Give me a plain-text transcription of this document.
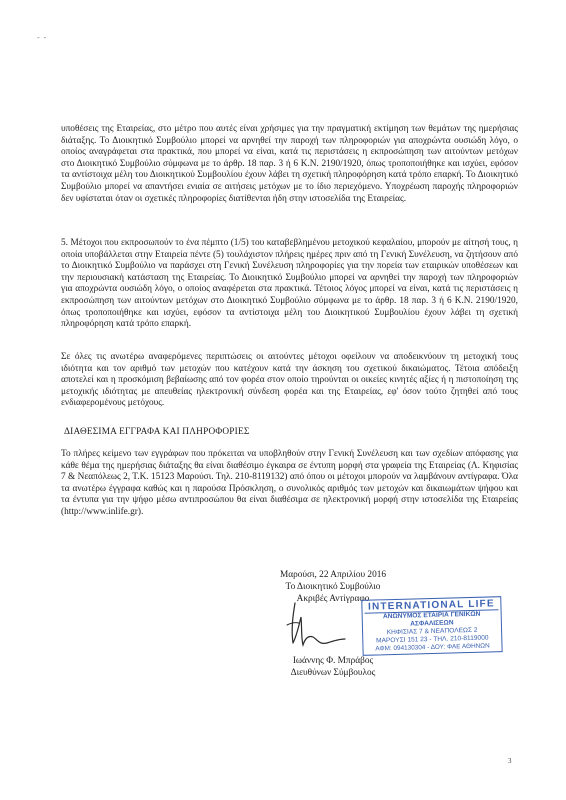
- -

υποθέσεις της Εταιρείας, στο μέτρο που αυτές είναι χρήσιμες για την πραγματική εκτίμηση των θεμάτων της ημερήσιας διάταξης. Το Διοικητικό Συμβούλιο μπορεί να αρνηθεί την παροχή των πληροφοριών για αποχρώντα ουσιώδη λόγο, ο οποίος αναγράφεται στα πρακτικά, που μπορεί να είναι, κατά τις περιστάσεις η εκπροσώπηση των αιτούντων μετόχων στο Διοικητικό Συμβούλιο σύμφωνα με το άρθρ. 18 παρ. 3 ή 6 Κ.Ν. 2190/1920, όπως τροποποιήθηκε και ισχύει, εφόσον τα αντίστοιχα μέλη του Διοικητικού Συμβουλίου έχουν λάβει τη σχετική πληροφόρηση κατά τρόπο επαρκή. Το Διοικητικό Συμβούλιο μπορεί να απαντήσει ενιαία σε αιτήσεις μετόχων με το ίδιο περιεχόμενο. Υποχρέωση παροχής πληροφοριών δεν υφίσταται όταν οι σχετικές πληροφορίες διατίθενται ήδη στην ιστοσελίδα της Εταιρείας.

5. Μέτοχοι που εκπροσωπούν το ένα πέμπτο (1/5) του καταβεβλημένου μετοχικού κεφαλαίου, μπορούν με αίτησή τους, η οποία υποβάλλεται στην Εταιρεία πέντε (5) τουλάχιστον πλήρεις ημέρες πριν από τη Γενική Συνέλευση, να ζητήσουν από το Διοικητικό Συμβούλιο να παράσχει στη Γενική Συνέλευση πληροφορίες για την πορεία των εταιρικών υποθέσεων και την περιουσιακή κατάσταση της Εταιρείας. Το Διοικητικό Συμβούλιο μπορεί να αρνηθεί την παροχή των πληροφοριών για αποχρώντα ουσιώδη λόγο, ο οποίος αναφέρεται στα πρακτικά. Τέτοιος λόγος μπορεί να είναι, κατά τις περιστάσεις η εκπροσώπηση των αιτούντων μετόχων στο Διοικητικό Συμβούλιο σύμφωνα με το άρθρ. 18 παρ. 3 ή 6 Κ.Ν. 2190/1920, όπως τροποποιήθηκε και ισχύει, εφόσον τα αντίστοιχα μέλη του Διοικητικού Συμβουλίου έχουν λάβει τη σχετική πληροφόρηση κατά τρόπο επαρκή.

Σε όλες τις ανωτέρω αναφερόμενες περιπτώσεις οι αιτούντες μέτοχοι οφείλουν να αποδεικνύουν τη μετοχική τους ιδιότητα και τον αριθμό των μετοχών που κατέχουν κατά την άσκηση του σχετικού δικαιώματος. Τέτοια απόδειξη αποτελεί και η προσκόμιση βεβαίωσης από τον φορέα στον οποίο τηρούνται οι οικείες κινητές αξίες ή η πιστοποίηση της μετοχικής ιδιότητας με απευθείας ηλεκτρονική σύνδεση φορέα και της Εταιρείας, εφ' όσον τούτο ζητηθεί από τους ενδιαφερομένους μετόχους.

ΔΙΑΘΕΣΙΜΑ ΕΓΓΡΑΦΑ ΚΑΙ ΠΛΗΡΟΦΟΡΙΕΣ

Το πλήρες κείμενο των εγγράφων που πρόκειται να υποβληθούν στην Γενική Συνέλευση και των σχεδίων απόφασης για κάθε θέμα της ημερήσιας διάταξης θα είναι διαθέσιμο έγκαιρα σε έντυπη μορφή στα γραφεία της Εταιρείας (Λ. Κηφισίας 7 & Νεαπόλεως 2, Τ.Κ. 15123 Μαρούσι. Τηλ. 210-8119132) από όπου οι μέτοχοι μπορούν να λαμβάνουν αντίγραφα. Όλα τα ανωτέρω έγγραφα καθώς και η παρούσα Πρόσκληση, ο συνολικός αριθμός των μετοχών και δικαιωμάτων ψήφου και τα έντυπα για την ψήφο μέσω αντιπροσώπου θα είναι διαθέσιμα σε ηλεκτρονική μορφή στην ιστοσελίδα της Εταιρείας (http://www.inlife.gr).

Μαρούσι, 22 Απριλίου 2016
Το Διοικητικό Συμβούλιο
Ακριβές Αντίγραφο
INTERNATIONAL LIFE
ΑΝΩΝΥΜΟΣ ΕΤΑΙΡΙΑ ΓΕΝΙΚΩΝ ΑΣΦΑΛΙΣΕΩΝ
ΚΗΦΙΣΙΑΣ 7 & ΝΕΑΠΟΛΕΩΣ 2
ΜΑΡΟΥΣΙ 151 23 - ΤΗΛ. 210-8119000
ΑΦΜ: 094130304 - ΔΟΥ: ΦΑΕ ΑΘΗΝΩΝ
Ιωάννης Φ. Μπράβος
Διευθύνων Σύμβουλος
3
